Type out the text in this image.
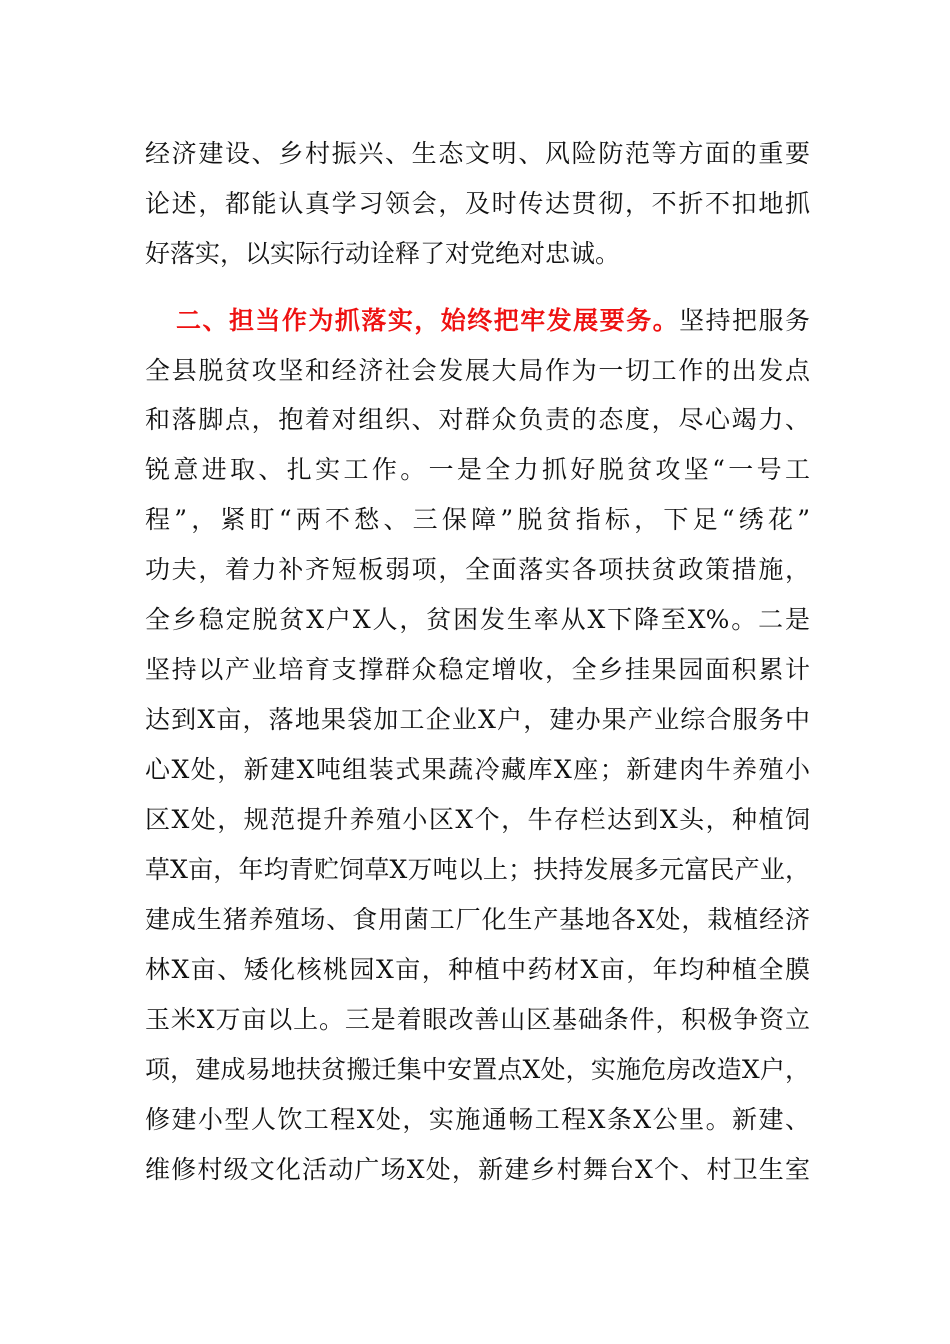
经济建设、乡村振兴、生态文明、风险防范等方面的重要
论述，都能认真学习领会，及时传达贯彻，不折不扣地抓
好落实，以实际行动诠释了对党绝对忠诚。
二、担当作为抓落实，始终把牢发展要务。坚持把服务
全县脱贫攻坚和经济社会发展大局作为一切工作的出发点
和落脚点，抱着对组织、对群众负责的态度，尽心竭力、
锐意进取、扎实工作。一是全力抓好脱贫攻坚“一号工
程”，紧盯“两不愁、三保障”脱贫指标，下足“绣花”
功夫，着力补齐短板弱项，全面落实各项扶贫政策措施，
全乡稳定脱贫X户X人，贫困发生率从X下降至X%。二是
坚持以产业培育支撑群众稳定增收，全乡挂果园面积累计
达到X亩，落地果袋加工企业X户，建办果产业综合服务中
心X处，新建X吨组装式果蔬冷藏库X座；新建肉牛养殖小
区X处，规范提升养殖小区X个，牛存栏达到X头，种植饲
草X亩，年均青贮饲草X万吨以上；扶持发展多元富民产业，
建成生猪养殖场、食用菌工厂化生产基地各X处，栽植经济
林X亩、矮化核桃园X亩，种植中药材X亩，年均种植全膜
玉米X万亩以上。三是着眼改善山区基础条件，积极争资立
项，建成易地扶贫搬迁集中安置点X处，实施危房改造X户，
修建小型人饮工程X处，实施通畅工程X条X公里。新建、
维修村级文化活动广场X处，新建乡村舞台X个、村卫生室
